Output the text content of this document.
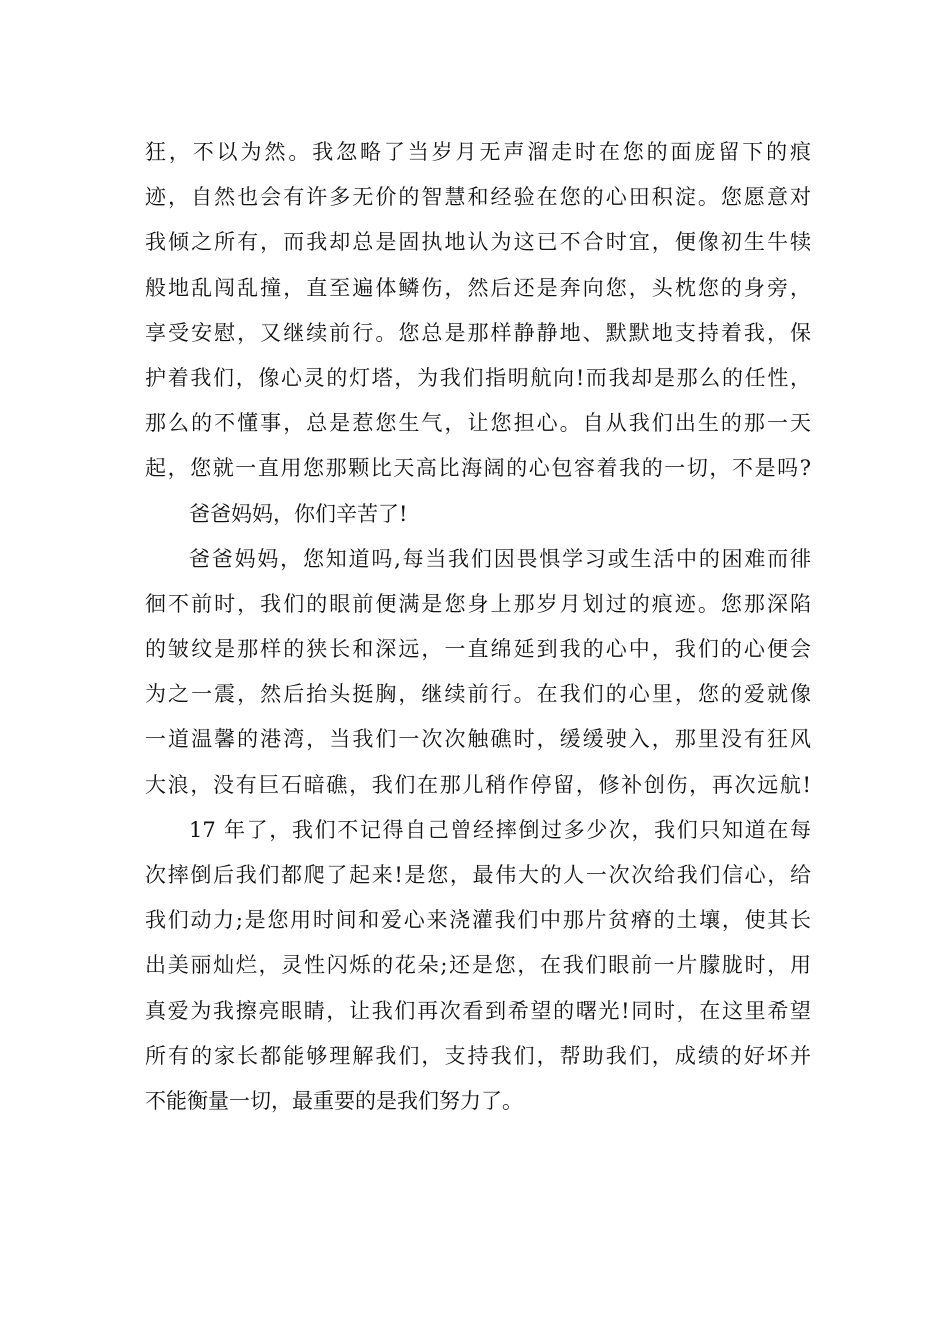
狂，不以为然。我忽略了当岁月无声溜走时在您的面庞留下的痕
迹，自然也会有许多无价的智慧和经验在您的心田积淀。您愿意对
我倾之所有，而我却总是固执地认为这已不合时宜，便像初生牛犊
般地乱闯乱撞，直至遍体鳞伤，然后还是奔向您，头枕您的身旁，
享受安慰，又继续前行。您总是那样静静地、默默地支持着我，保
护着我们，像心灵的灯塔，为我们指明航向!而我却是那么的任性，
那么的不懂事，总是惹您生气，让您担心。自从我们出生的那一天
起，您就一直用您那颗比天高比海阔的心包容着我的一切，不是吗?
爸爸妈妈，你们辛苦了!
爸爸妈妈，您知道吗,每当我们因畏惧学习或生活中的困难而徘
徊不前时，我们的眼前便满是您身上那岁月划过的痕迹。您那深陷
的皱纹是那样的狭长和深远，一直绵延到我的心中，我们的心便会
为之一震，然后抬头挺胸，继续前行。在我们的心里，您的爱就像
一道温馨的港湾，当我们一次次触礁时，缓缓驶入，那里没有狂风
大浪，没有巨石暗礁，我们在那儿稍作停留，修补创伤，再次远航!
17 年了，我们不记得自己曾经摔倒过多少次，我们只知道在每
次摔倒后我们都爬了起来!是您，最伟大的人一次次给我们信心，给
我们动力;是您用时间和爱心来浇灌我们中那片贫瘠的土壤，使其长
出美丽灿烂，灵性闪烁的花朵;还是您，在我们眼前一片朦胧时，用
真爱为我擦亮眼睛，让我们再次看到希望的曙光!同时，在这里希望
所有的家长都能够理解我们，支持我们，帮助我们，成绩的好坏并
不能衡量一切，最重要的是我们努力了。
